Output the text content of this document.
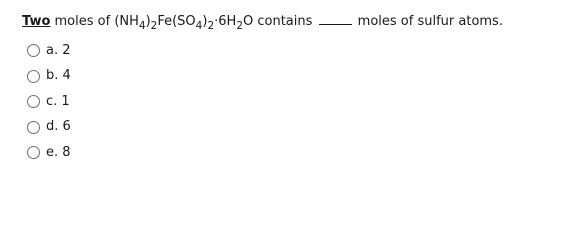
Two moles of $(NH_4)_2Fe(SO_4)_2\cdot 6H_2O$ contains	moles of sulfur atoms.
a. 2
b. 4
c. 1
d. 6
e. 8
